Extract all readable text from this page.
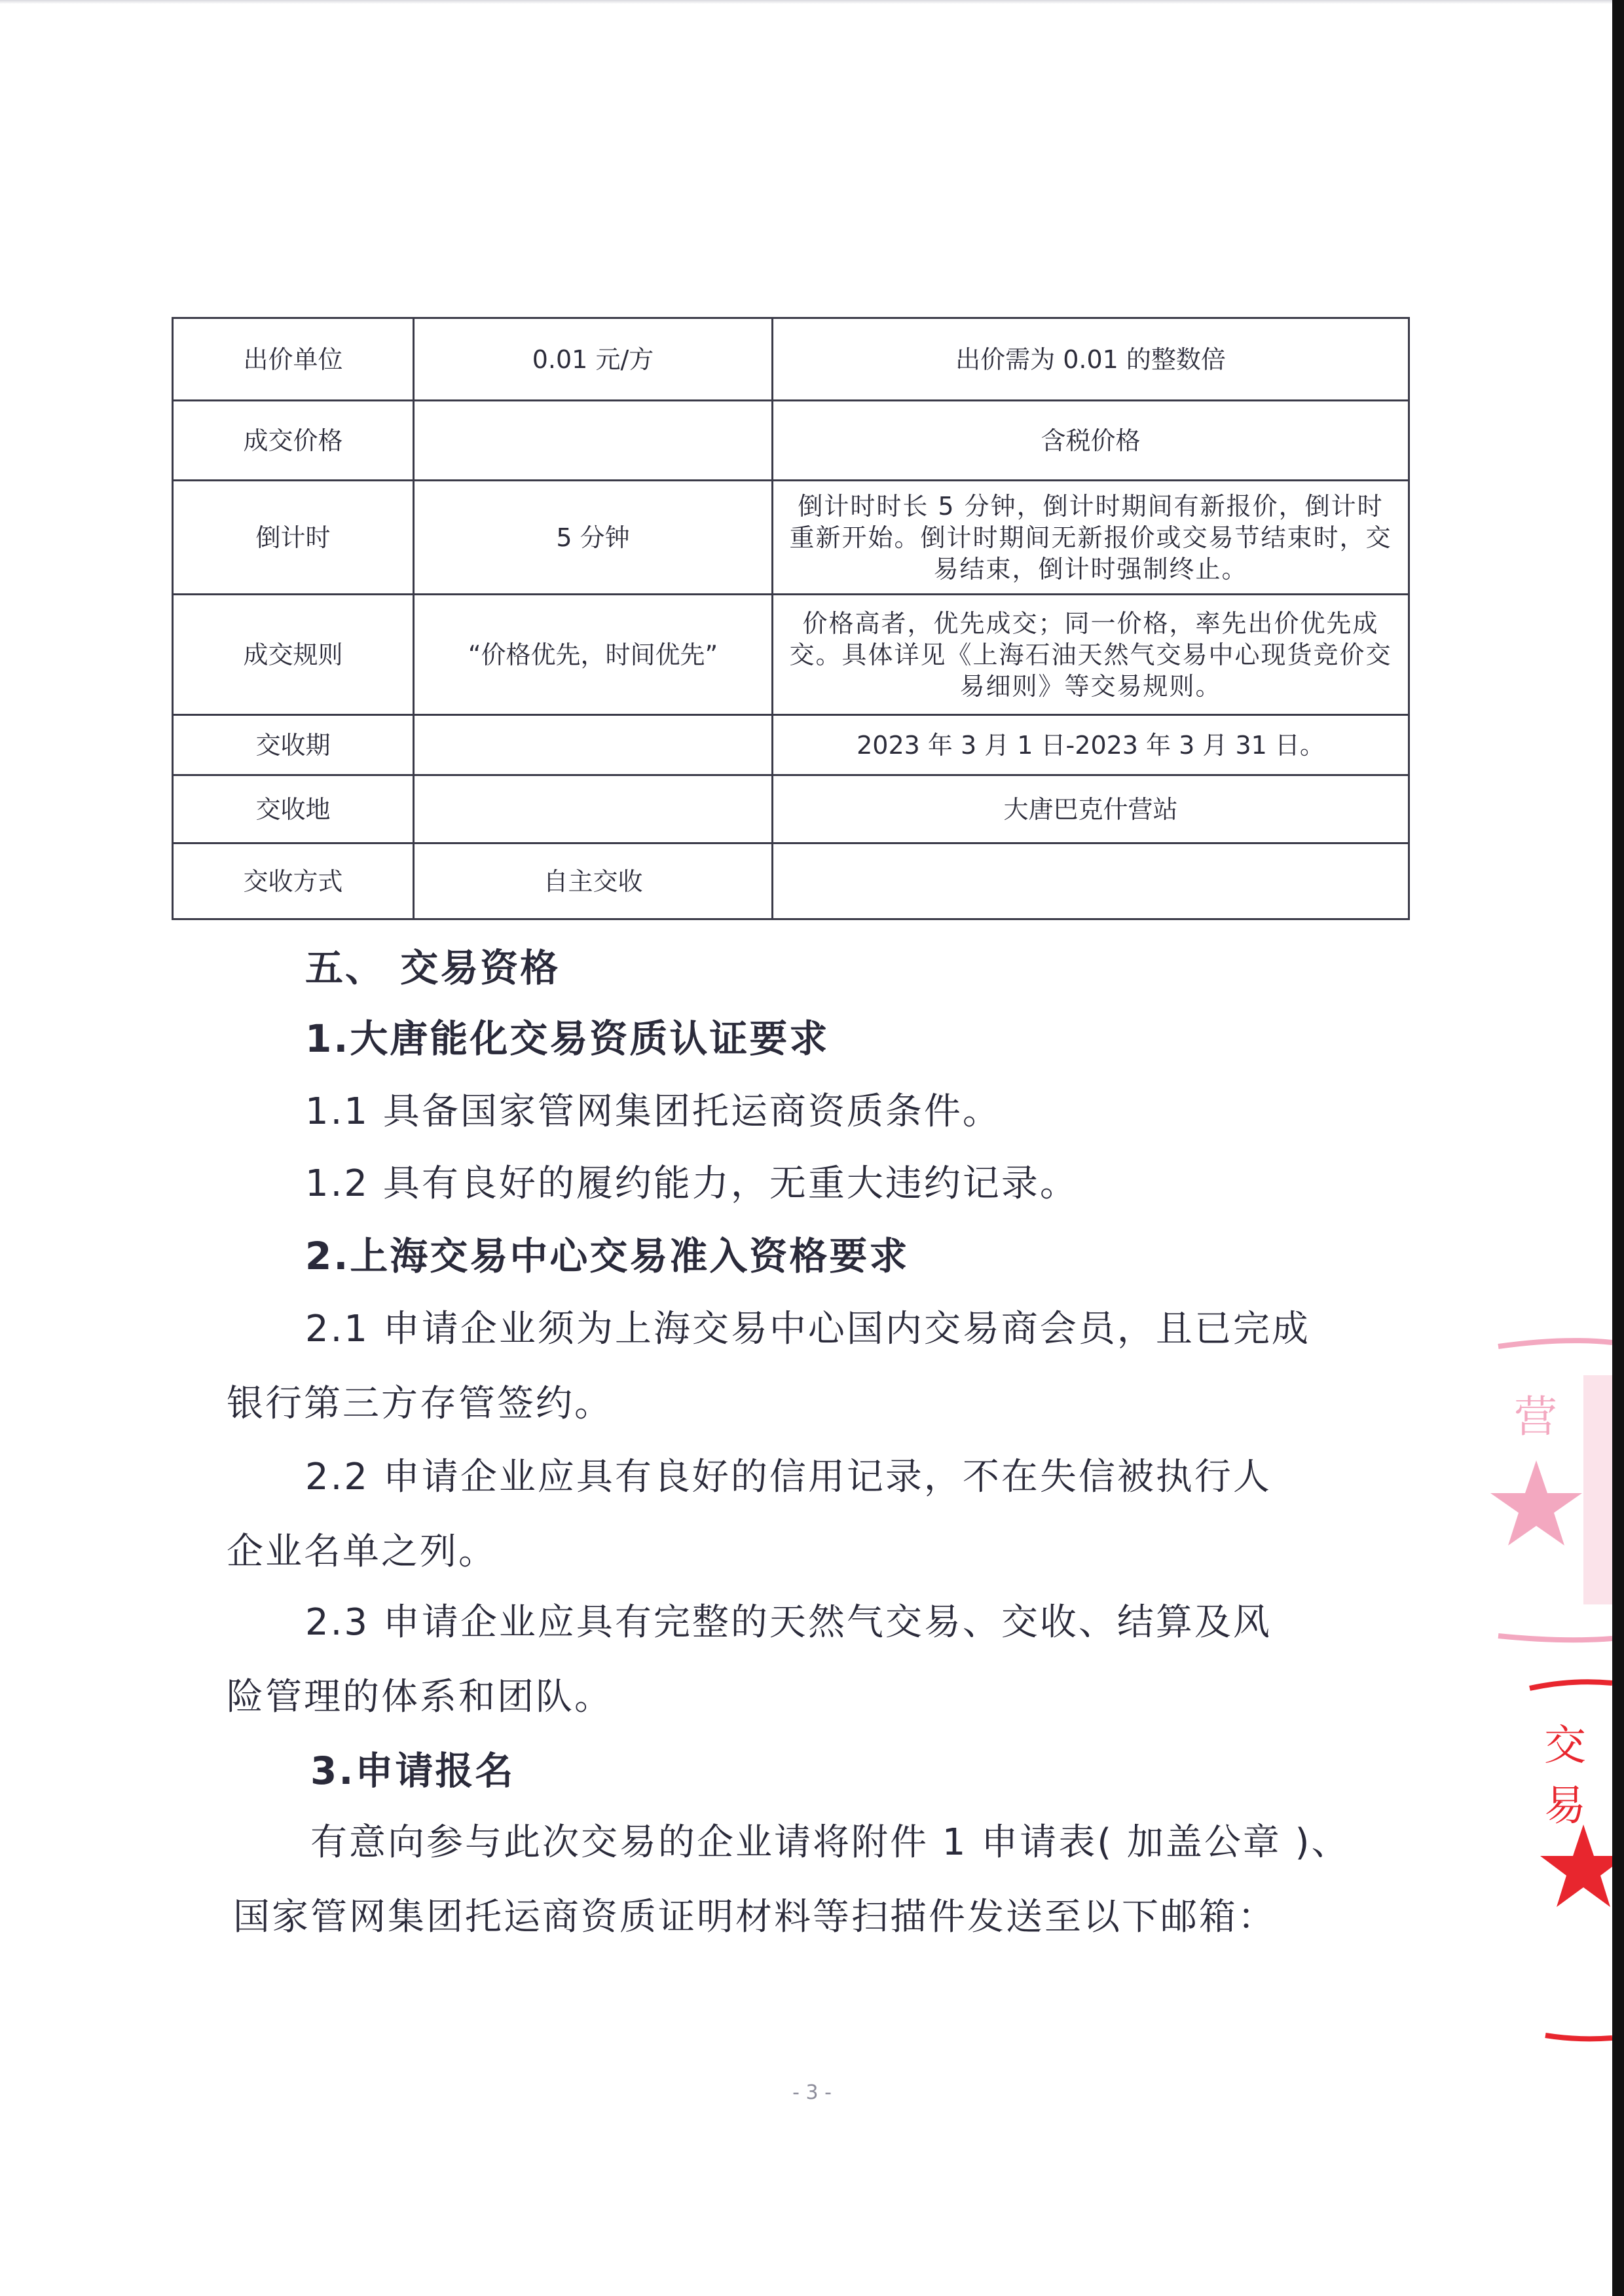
出价单位	0.01 元/方	出价需为 0.01 的整数倍
成交价格		含税价格
倒计时	5 分钟	倒计时时长 5 分钟，倒计时期间有新报价，倒计时重新开始。倒计时期间无新报价或交易节结束时，交易结束，倒计时强制终止。
成交规则	“价格优先，时间优先”	价格高者，优先成交；同一价格，率先出价优先成交。具体详见《上海石油天然气交易中心现货竞价交易细则》等交易规则。
交收期		2023 年 3 月 1 日-2023 年 3 月 31 日。
交收地		大唐巴克什营站
交收方式	自主交收	
五、 交易资格
1.大唐能化交易资质认证要求
1.1 具备国家管网集团托运商资质条件。
1.2 具有良好的履约能力，无重大违约记录。
2.上海交易中心交易准入资格要求
2.1 申请企业须为上海交易中心国内交易商会员，且已完成
银行第三方存管签约。
2.2 申请企业应具有良好的信用记录，不在失信被执行人
企业名单之列。
2.3 申请企业应具有完整的天然气交易、交收、结算及风
险管理的体系和团队。
3.申请报名
有意向参与此次交易的企业请将附件 1 申请表( 加盖公章 )、
国家管网集团托运商资质证明材料等扫描件发送至以下邮箱：
- 3 -
营
交易
